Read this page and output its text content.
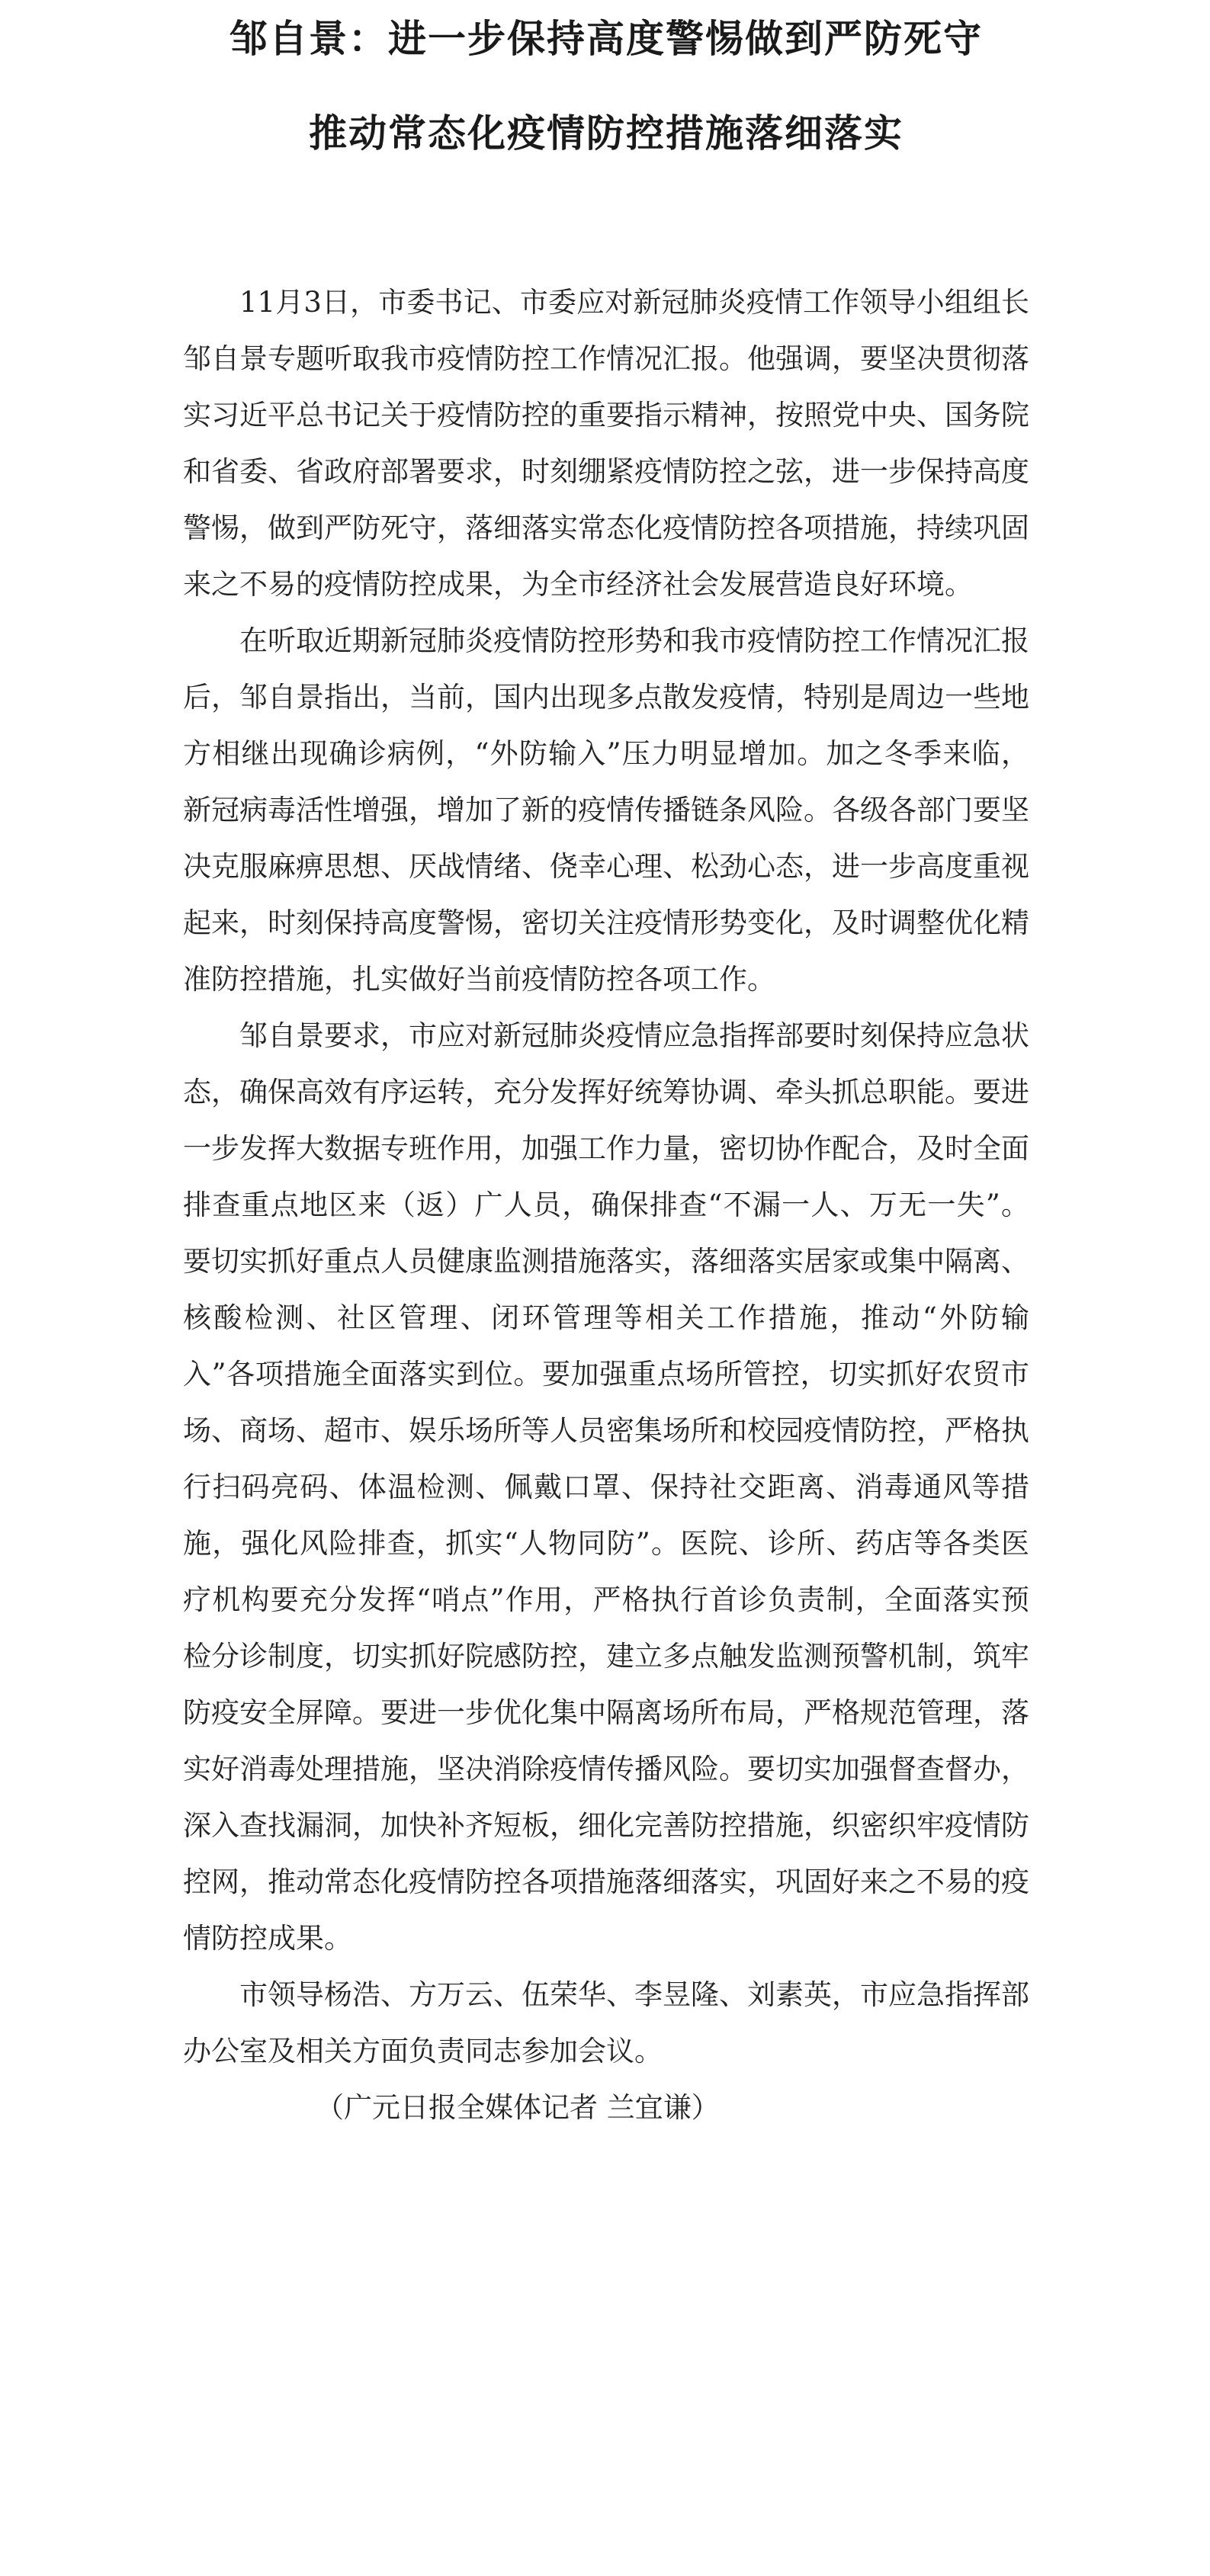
邹自景：进一步保持高度警惕做到严防死守
推动常态化疫情防控措施落细落实

11月3日，市委书记、市委应对新冠肺炎疫情工作领导小组组长邹自景专题听取我市疫情防控工作情况汇报。他强调，要坚决贯彻落实习近平总书记关于疫情防控的重要指示精神，按照党中央、国务院和省委、省政府部署要求，时刻绷紧疫情防控之弦，进一步保持高度警惕，做到严防死守，落细落实常态化疫情防控各项措施，持续巩固来之不易的疫情防控成果，为全市经济社会发展营造良好环境。

在听取近期新冠肺炎疫情防控形势和我市疫情防控工作情况汇报后，邹自景指出，当前，国内出现多点散发疫情，特别是周边一些地方相继出现确诊病例，“外防输入”压力明显增加。加之冬季来临，新冠病毒活性增强，增加了新的疫情传播链条风险。各级各部门要坚决克服麻痹思想、厌战情绪、侥幸心理、松劲心态，进一步高度重视起来，时刻保持高度警惕，密切关注疫情形势变化，及时调整优化精准防控措施，扎实做好当前疫情防控各项工作。

邹自景要求，市应对新冠肺炎疫情应急指挥部要时刻保持应急状态，确保高效有序运转，充分发挥好统筹协调、牵头抓总职能。要进一步发挥大数据专班作用，加强工作力量，密切协作配合，及时全面排查重点地区来（返）广人员，确保排查“不漏一人、万无一失”。要切实抓好重点人员健康监测措施落实，落细落实居家或集中隔离、核酸检测、社区管理、闭环管理等相关工作措施，推动“外防输入”各项措施全面落实到位。要加强重点场所管控，切实抓好农贸市场、商场、超市、娱乐场所等人员密集场所和校园疫情防控，严格执行扫码亮码、体温检测、佩戴口罩、保持社交距离、消毒通风等措施，强化风险排查，抓实“人物同防”。医院、诊所、药店等各类医疗机构要充分发挥“哨点”作用，严格执行首诊负责制，全面落实预检分诊制度，切实抓好院感防控，建立多点触发监测预警机制，筑牢防疫安全屏障。要进一步优化集中隔离场所布局，严格规范管理，落实好消毒处理措施，坚决消除疫情传播风险。要切实加强督查督办，深入查找漏洞，加快补齐短板，细化完善防控措施，织密织牢疫情防控网，推动常态化疫情防控各项措施落细落实，巩固好来之不易的疫情防控成果。

市领导杨浩、方万云、伍荣华、李昱隆、刘素英，市应急指挥部办公室及相关方面负责同志参加会议。

（广元日报全媒体记者 兰宜谦）
